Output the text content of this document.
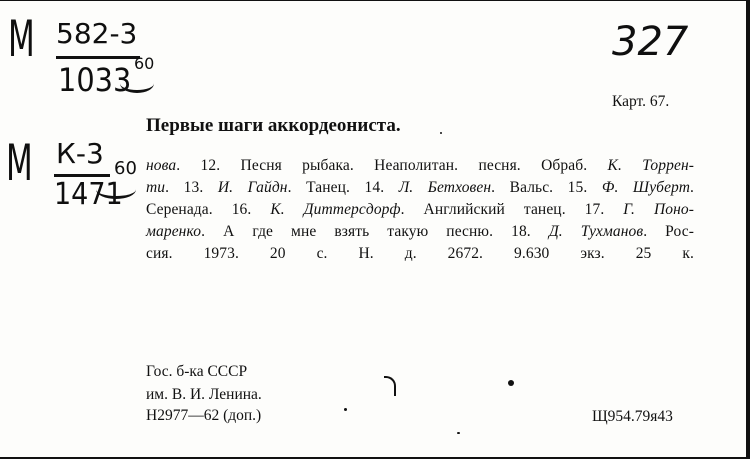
М 582-3
1033 60
М К-3
1471
60
327
Карт. 67.
Первые шаги аккордеониста.
нова. 12. Песня рыбака. Неаполитан. песня. Обраб. К. Торрен-
ти. 13. И. Гайдн. Танец. 14. Л. Бетховен. Вальс. 15. Ф. Шуберт.
Серенада. 16. К. Диттерсдорф. Английский танец. 17. Г. Поно-
маренко. А где мне взять такую песню. 18. Д. Тухманов. Рос-
сия. 1973. 20 с. Н. д. 2672. 9.630 экз. 25 к.
Гос. б-ка СССР
им. В. И. Ленина.
Н2977—62 (доп.)	Щ954.79я43
